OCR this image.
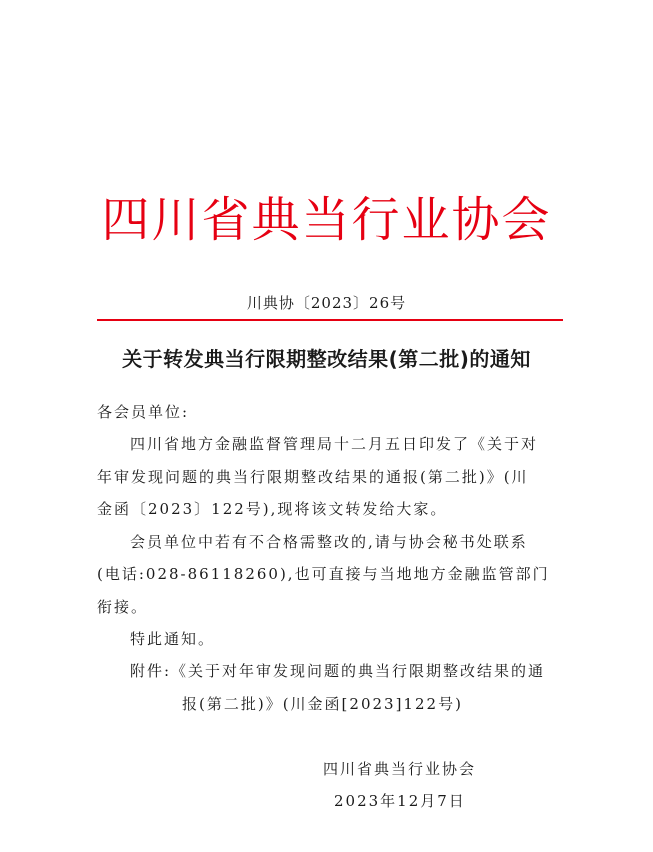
四川省典当行业协会
川典协〔2023〕26号
关于转发典当行限期整改结果(第二批)的通知
各会员单位:
四川省地方金融监督管理局十二月五日印发了《关于对
年审发现问题的典当行限期整改结果的通报(第二批)》(川
金函〔2023〕122号),现将该文转发给大家。
会员单位中若有不合格需整改的,请与协会秘书处联系
(电话:028-86118260),也可直接与当地地方金融监管部门
衔接。
特此通知。
附件:《关于对年审发现问题的典当行限期整改结果的通
报(第二批)》(川金函[2023]122号)
四川省典当行业协会
2023年12月7日
